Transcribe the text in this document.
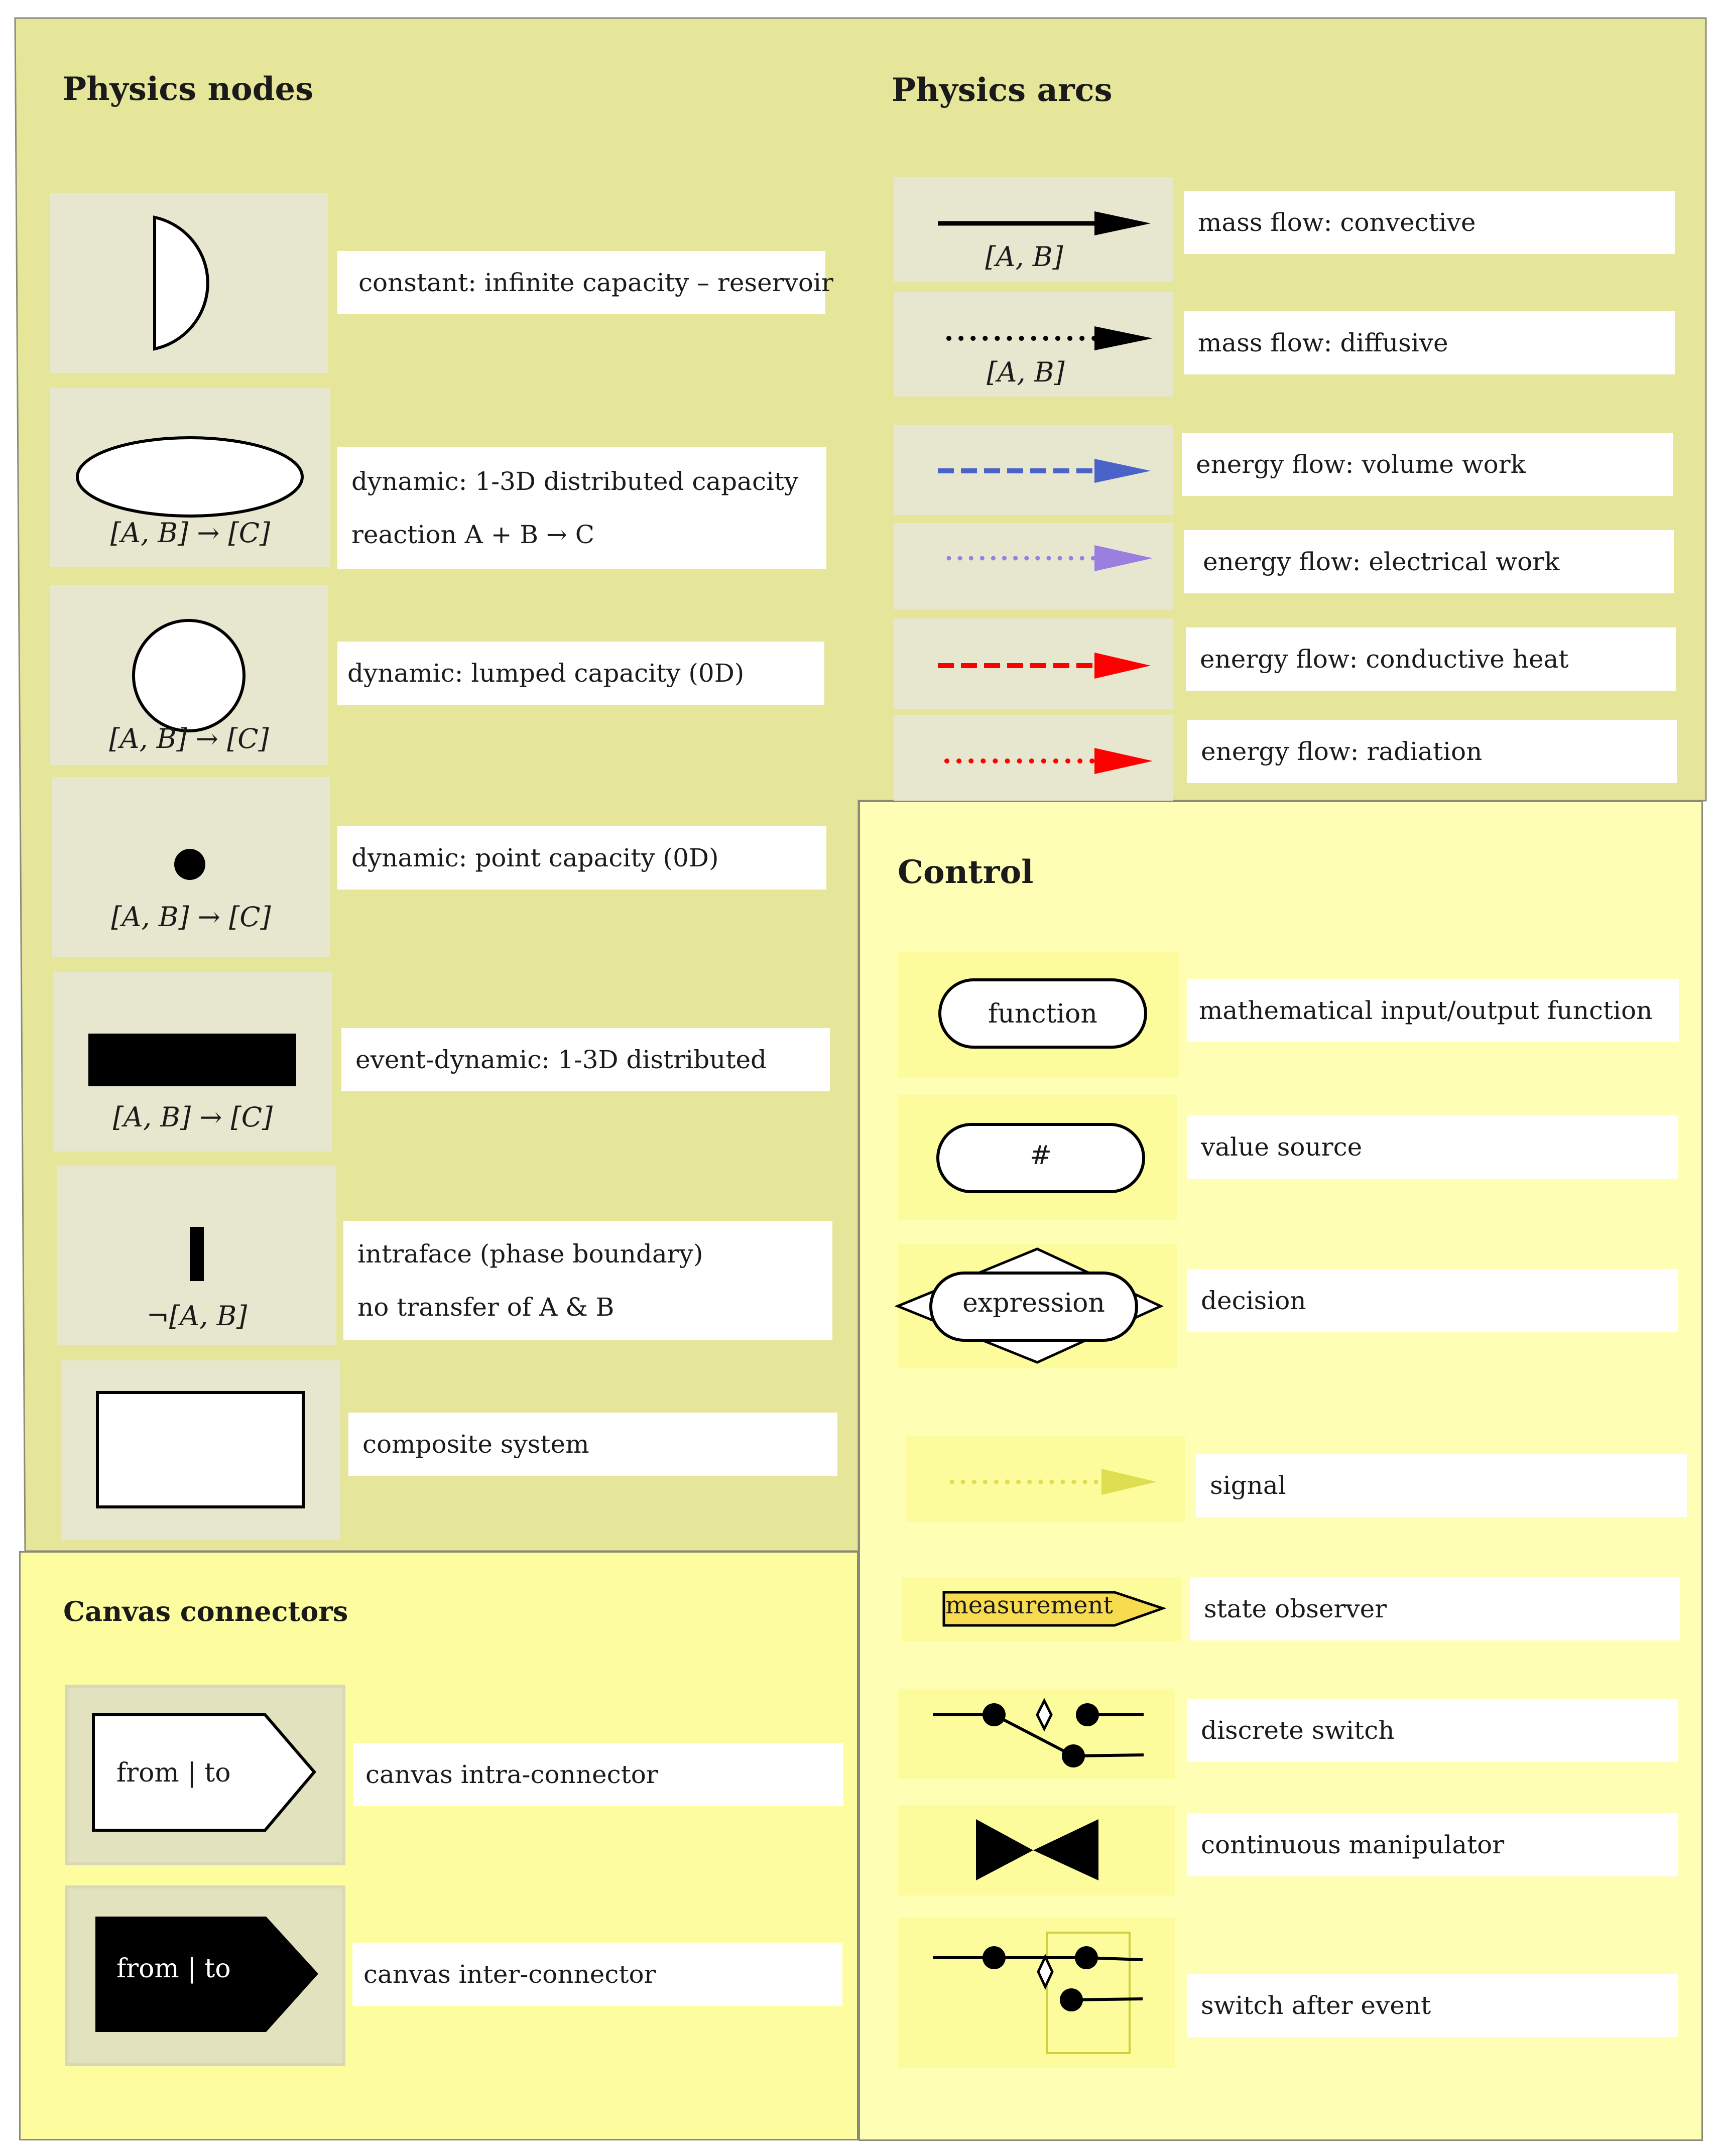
Physics nodes	Physics arcs
constant: infinite capacity – reservoir
[A, B] → [C]
dynamic: 1-3D distributed capacity
reaction A + B → C
[A, B] → [C]
dynamic: lumped capacity (0D)
[A, B] → [C]
dynamic: point capacity (0D)
[A, B] → [C]
event-dynamic: 1-3D distributed
¬[A, B]
intraface (phase boundary)
no transfer of A & B
composite system
[A, B]
mass flow: convective
[A, B]
mass flow: diffusive
energy flow: volume work
energy flow: electrical work
energy flow: conductive heat
energy flow: radiation
Control
function	mathematical input/output function
#	value source
expression	decision
signal
measurement	state observer
discrete switch
continuous manipulator
switch after event
Canvas connectors
from | to	canvas intra-connector
from | to	canvas inter-connector
